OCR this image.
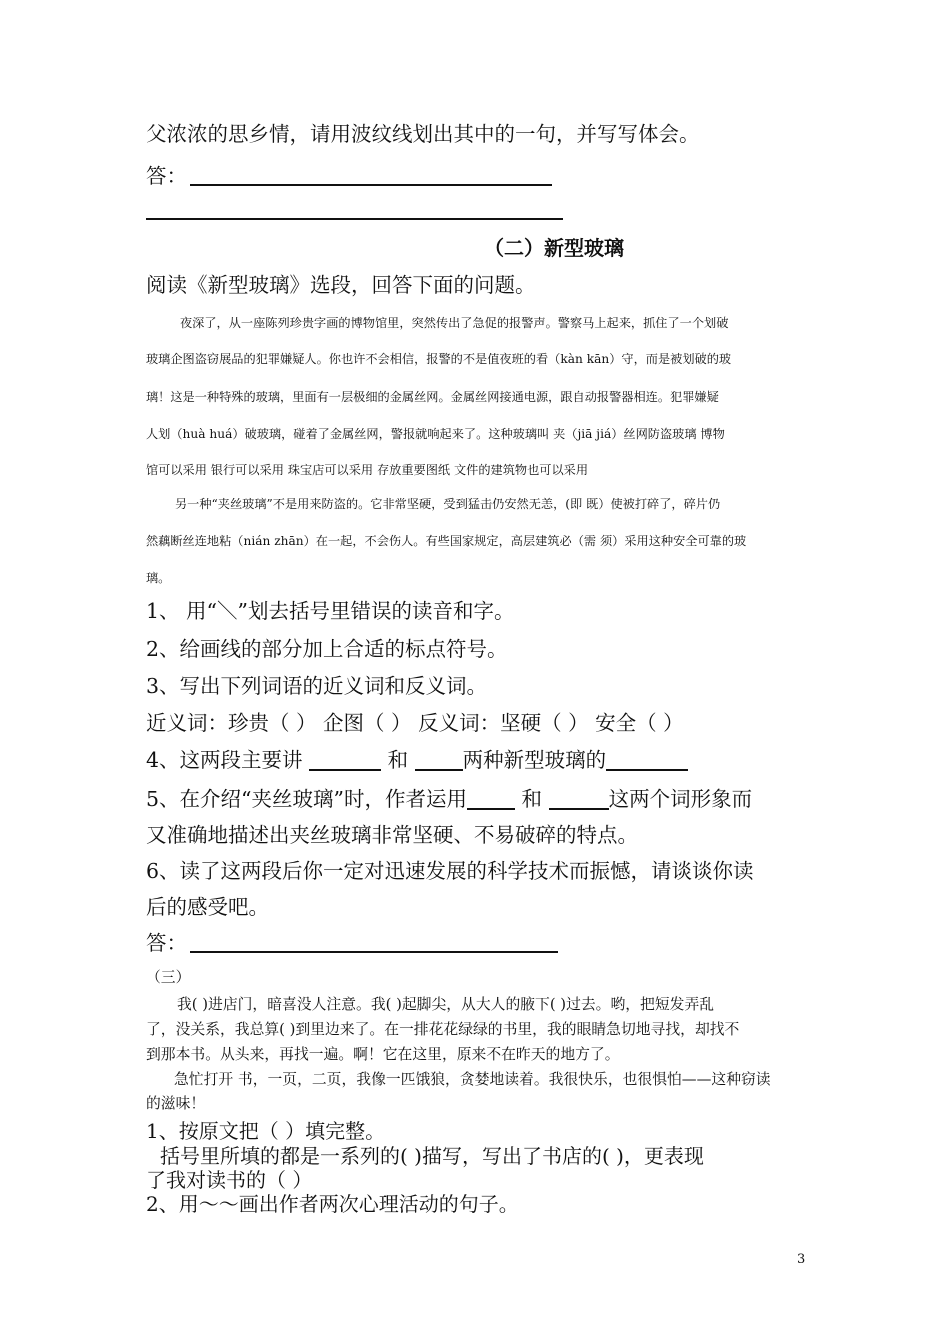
父浓浓的思乡情，请用波纹线划出其中的一句，并写写体会。
答：
（二）新型玻璃
阅读《新型玻璃》选段，回答下面的问题。
夜深了，从一座陈列珍贵字画的博物馆里，突然传出了急促的报警声。警察马上起来，抓住了一个划破
玻璃企图盗窃展品的犯罪嫌疑人。你也许不会相信，报警的不是值夜班的看（kàn kān）守，而是被划破的玻
璃！这是一种特殊的玻璃，里面有一层极细的金属丝网。金属丝网接通电源，跟自动报警器相连。犯罪嫌疑
人划（huà huá）破玻璃，碰着了金属丝网，警报就响起来了。这种玻璃叫 夹（jiā jiá）丝网防盗玻璃 博物
馆可以采用 银行可以采用 珠宝店可以采用 存放重要图纸 文件的建筑物也可以采用
另一种“夹丝玻璃”不是用来防盗的。它非常坚硬，受到猛击仍安然无恙，(即 既）使被打碎了，碎片仍
然藕断丝连地粘（nián zhān）在一起，不会伤人。有些国家规定，高层建筑必（需 须）采用这种安全可靠的玻
璃。
1、 用“＼”划去括号里错误的读音和字。
2、给画线的部分加上合适的标点符号。
3、写出下列词语的近义词和反义词。
近义词：珍贵（ ） 企图（ ） 反义词：坚硬（ ） 安全（ ）
4、这两段主要讲	和	两种新型玻璃的
5、在介绍“夹丝玻璃”时，作者运用	和	这两个词形象而
又准确地描述出夹丝玻璃非常坚硬、不易破碎的特点。
6、读了这两段后你一定对迅速发展的科学技术而振憾，请谈谈你读
后的感受吧。
答：
（三）
我( )进店门，暗喜没人注意。我( )起脚尖，从大人的腋下( )过去。哟，把短发弄乱
了，没关系，我总算( )到里边来了。在一排花花绿绿的书里，我的眼睛急切地寻找，却找不
到那本书。从头来，再找一遍。啊！它在这里，原来不在昨天的地方了。
急忙打开 书，一页，二页，我像一匹饿狼，贪婪地读着。我很快乐，也很惧怕——这种窃读
的滋味！
1、按原文把（ ）填完整。
括号里所填的都是一系列的( )描写，写出了书店的( )，更表现
了我对读书的（ ）
2、用～～画出作者两次心理活动的句子。
3
